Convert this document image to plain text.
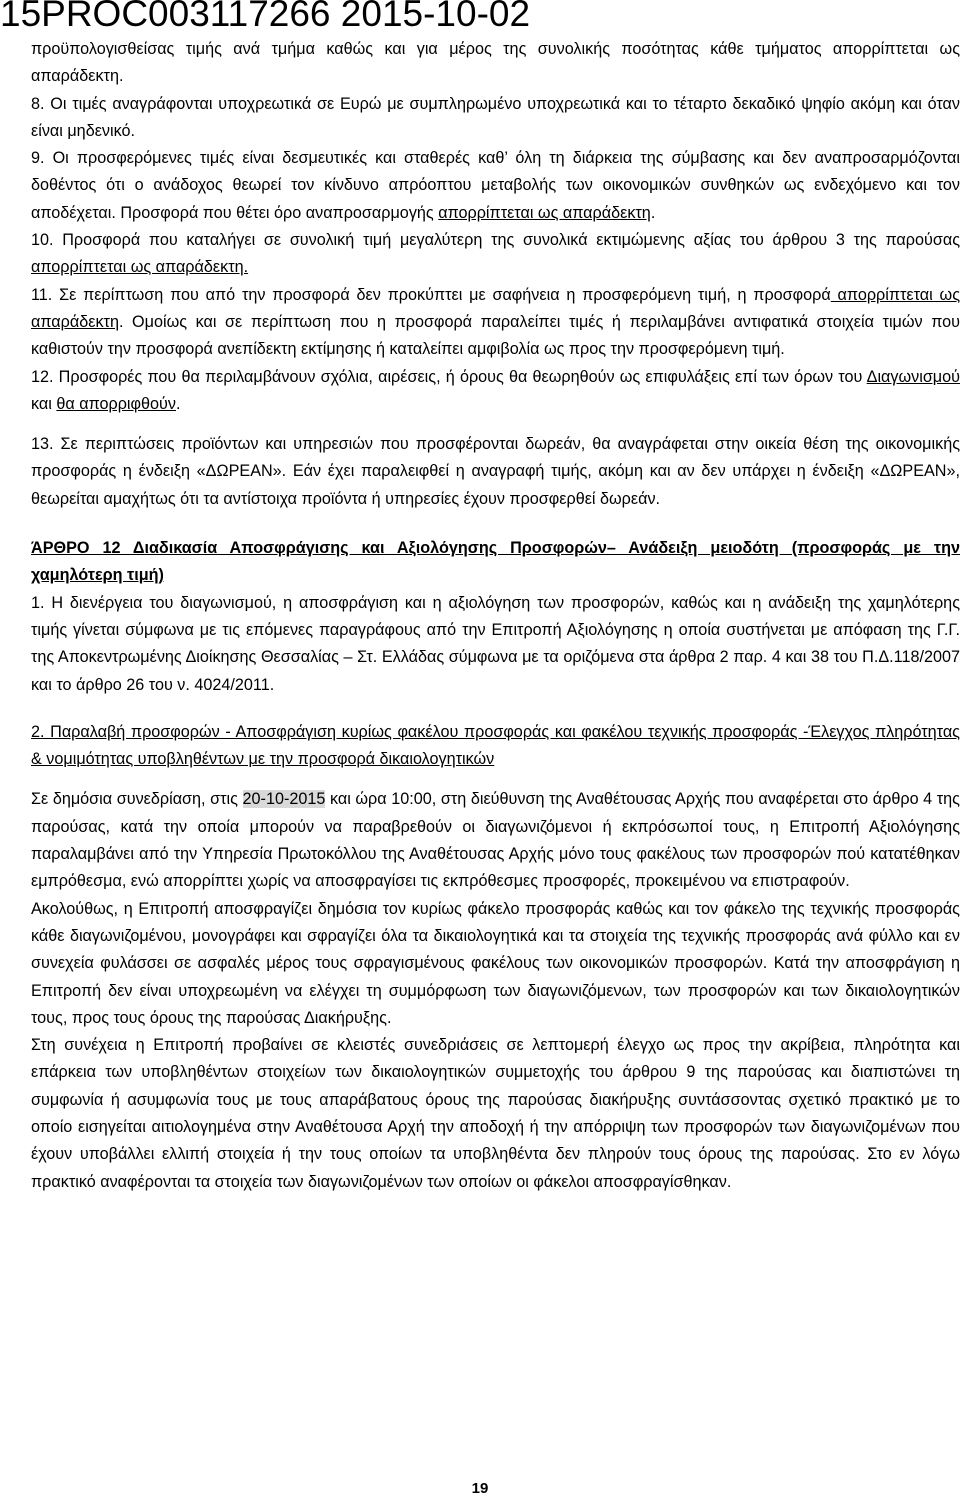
15PROC003117266 2015-10-02

προϋπολογισθείσας τιμής ανά τμήμα καθώς και για μέρος της συνολικής ποσότητας κάθε τμήματος απορρίπτεται ως απαράδεκτη.

8. Οι τιμές αναγράφονται υποχρεωτικά σε Ευρώ με συμπληρωμένο υποχρεωτικά και το τέταρτο δεκαδικό ψηφίο ακόμη και όταν είναι μηδενικό.

9. Οι προσφερόμενες τιμές είναι δεσμευτικές και σταθερές καθ’ όλη τη διάρκεια της σύμβασης και δεν αναπροσαρμόζονται δοθέντος ότι ο ανάδοχος θεωρεί τον κίνδυνο απρόοπτου μεταβολής των οικονομικών συνθηκών ως ενδεχόμενο και τον αποδέχεται. Προσφορά που θέτει όρο αναπροσαρμογής απορρίπτεται ως απαράδεκτη.

10. Προσφορά που καταλήγει σε συνολική τιμή μεγαλύτερη της συνολικά εκτιμώμενης αξίας του άρθρου 3 της παρούσας απορρίπτεται ως απαράδεκτη.

11. Σε περίπτωση που από την προσφορά δεν προκύπτει με σαφήνεια η προσφερόμενη τιμή, η προσφορά απορρίπτεται ως απαράδεκτη. Ομοίως και σε περίπτωση που η προσφορά παραλείπει τιμές ή περιλαμβάνει αντιφατικά στοιχεία τιμών που καθιστούν την προσφορά ανεπίδεκτη εκτίμησης ή καταλείπει αμφιβολία ως προς την προσφερόμενη τιμή.

12. Προσφορές που θα περιλαμβάνουν σχόλια, αιρέσεις, ή όρους θα θεωρηθούν ως επιφυλάξεις επί των όρων του Διαγωνισμού και θα απορριφθούν.

13. Σε περιπτώσεις προϊόντων και υπηρεσιών που προσφέρονται δωρεάν, θα αναγράφεται στην οικεία θέση της οικονομικής προσφοράς η ένδειξη «ΔΩΡΕΑΝ». Εάν έχει παραλειφθεί η αναγραφή τιμής, ακόμη και αν δεν υπάρχει η ένδειξη «ΔΩΡΕΑΝ», θεωρείται αμαχήτως ότι τα αντίστοιχα προϊόντα ή υπηρεσίες έχουν προσφερθεί δωρεάν.

ΆΡΘΡΟ 12 Διαδικασία Αποσφράγισης και Αξιολόγησης Προσφορών– Ανάδειξη μειοδότη (προσφοράς με την χαμηλότερη τιμή)

1. Η διενέργεια του διαγωνισμού, η αποσφράγιση και η αξιολόγηση των προσφορών, καθώς και η ανάδειξη της χαμηλότερης τιμής γίνεται σύμφωνα με τις επόμενες παραγράφους από την Επιτροπή Αξιολόγησης η οποία συστήνεται με απόφαση της Γ.Γ. της Αποκεντρωμένης Διοίκησης Θεσσαλίας – Στ. Ελλάδας σύμφωνα με τα οριζόμενα στα άρθρα 2 παρ. 4 και 38 του Π.Δ.118/2007 και το άρθρο 26 του ν. 4024/2011.

2. Παραλαβή προσφορών - Αποσφράγιση κυρίως φακέλου προσφοράς και φακέλου τεχνικής προσφοράς -Έλεγχος πληρότητας & νομιμότητας υποβληθέντων με την προσφορά δικαιολογητικών

Σε δημόσια συνεδρίαση, στις 20-10-2015 και ώρα 10:00, στη διεύθυνση της Αναθέτουσας Αρχής που αναφέρεται στο άρθρο 4 της παρούσας, κατά την οποία μπορούν να παραβρεθούν οι διαγωνιζόμενοι ή εκπρόσωποί τους, η Επιτροπή Αξιολόγησης παραλαμβάνει από την Υπηρεσία Πρωτοκόλλου της Αναθέτουσας Αρχής μόνο τους φακέλους των προσφορών πού κατατέθηκαν εμπρόθεσμα, ενώ απορρίπτει χωρίς να αποσφραγίσει τις εκπρόθεσμες προσφορές, προκειμένου να επιστραφούν.

Ακολούθως, η Επιτροπή αποσφραγίζει δημόσια τον κυρίως φάκελο προσφοράς καθώς και τον φάκελο της τεχνικής προσφοράς κάθε διαγωνιζομένου, μονογράφει και σφραγίζει όλα τα δικαιολογητικά και τα στοιχεία της τεχνικής προσφοράς ανά φύλλο και εν συνεχεία φυλάσσει σε ασφαλές μέρος τους σφραγισμένους φακέλους των οικονομικών προσφορών. Κατά την αποσφράγιση η Επιτροπή δεν είναι υποχρεωμένη να ελέγχει τη συμμόρφωση των διαγωνιζόμενων, των προσφορών και των δικαιολογητικών τους, προς τους όρους της παρούσας Διακήρυξης.

Στη συνέχεια η Επιτροπή προβαίνει σε κλειστές συνεδριάσεις σε λεπτομερή έλεγχο ως προς την ακρίβεια, πληρότητα και επάρκεια των υποβληθέντων στοιχείων των δικαιολογητικών συμμετοχής του άρθρου 9 της παρούσας και διαπιστώνει τη συμφωνία ή ασυμφωνία τους με τους απαράβατους όρους της παρούσας διακήρυξης συντάσσοντας σχετικό πρακτικό με το οποίο εισηγείται αιτιολογημένα στην Αναθέτουσα Αρχή την αποδοχή ή την απόρριψη των προσφορών των διαγωνιζομένων που έχουν υποβάλλει ελλιπή στοιχεία ή την τους οποίων τα υποβληθέντα δεν πληρούν τους όρους της παρούσας. Στο εν λόγω πρακτικό αναφέρονται τα στοιχεία των διαγωνιζομένων των οποίων οι φάκελοι αποσφραγίσθηκαν.

19
